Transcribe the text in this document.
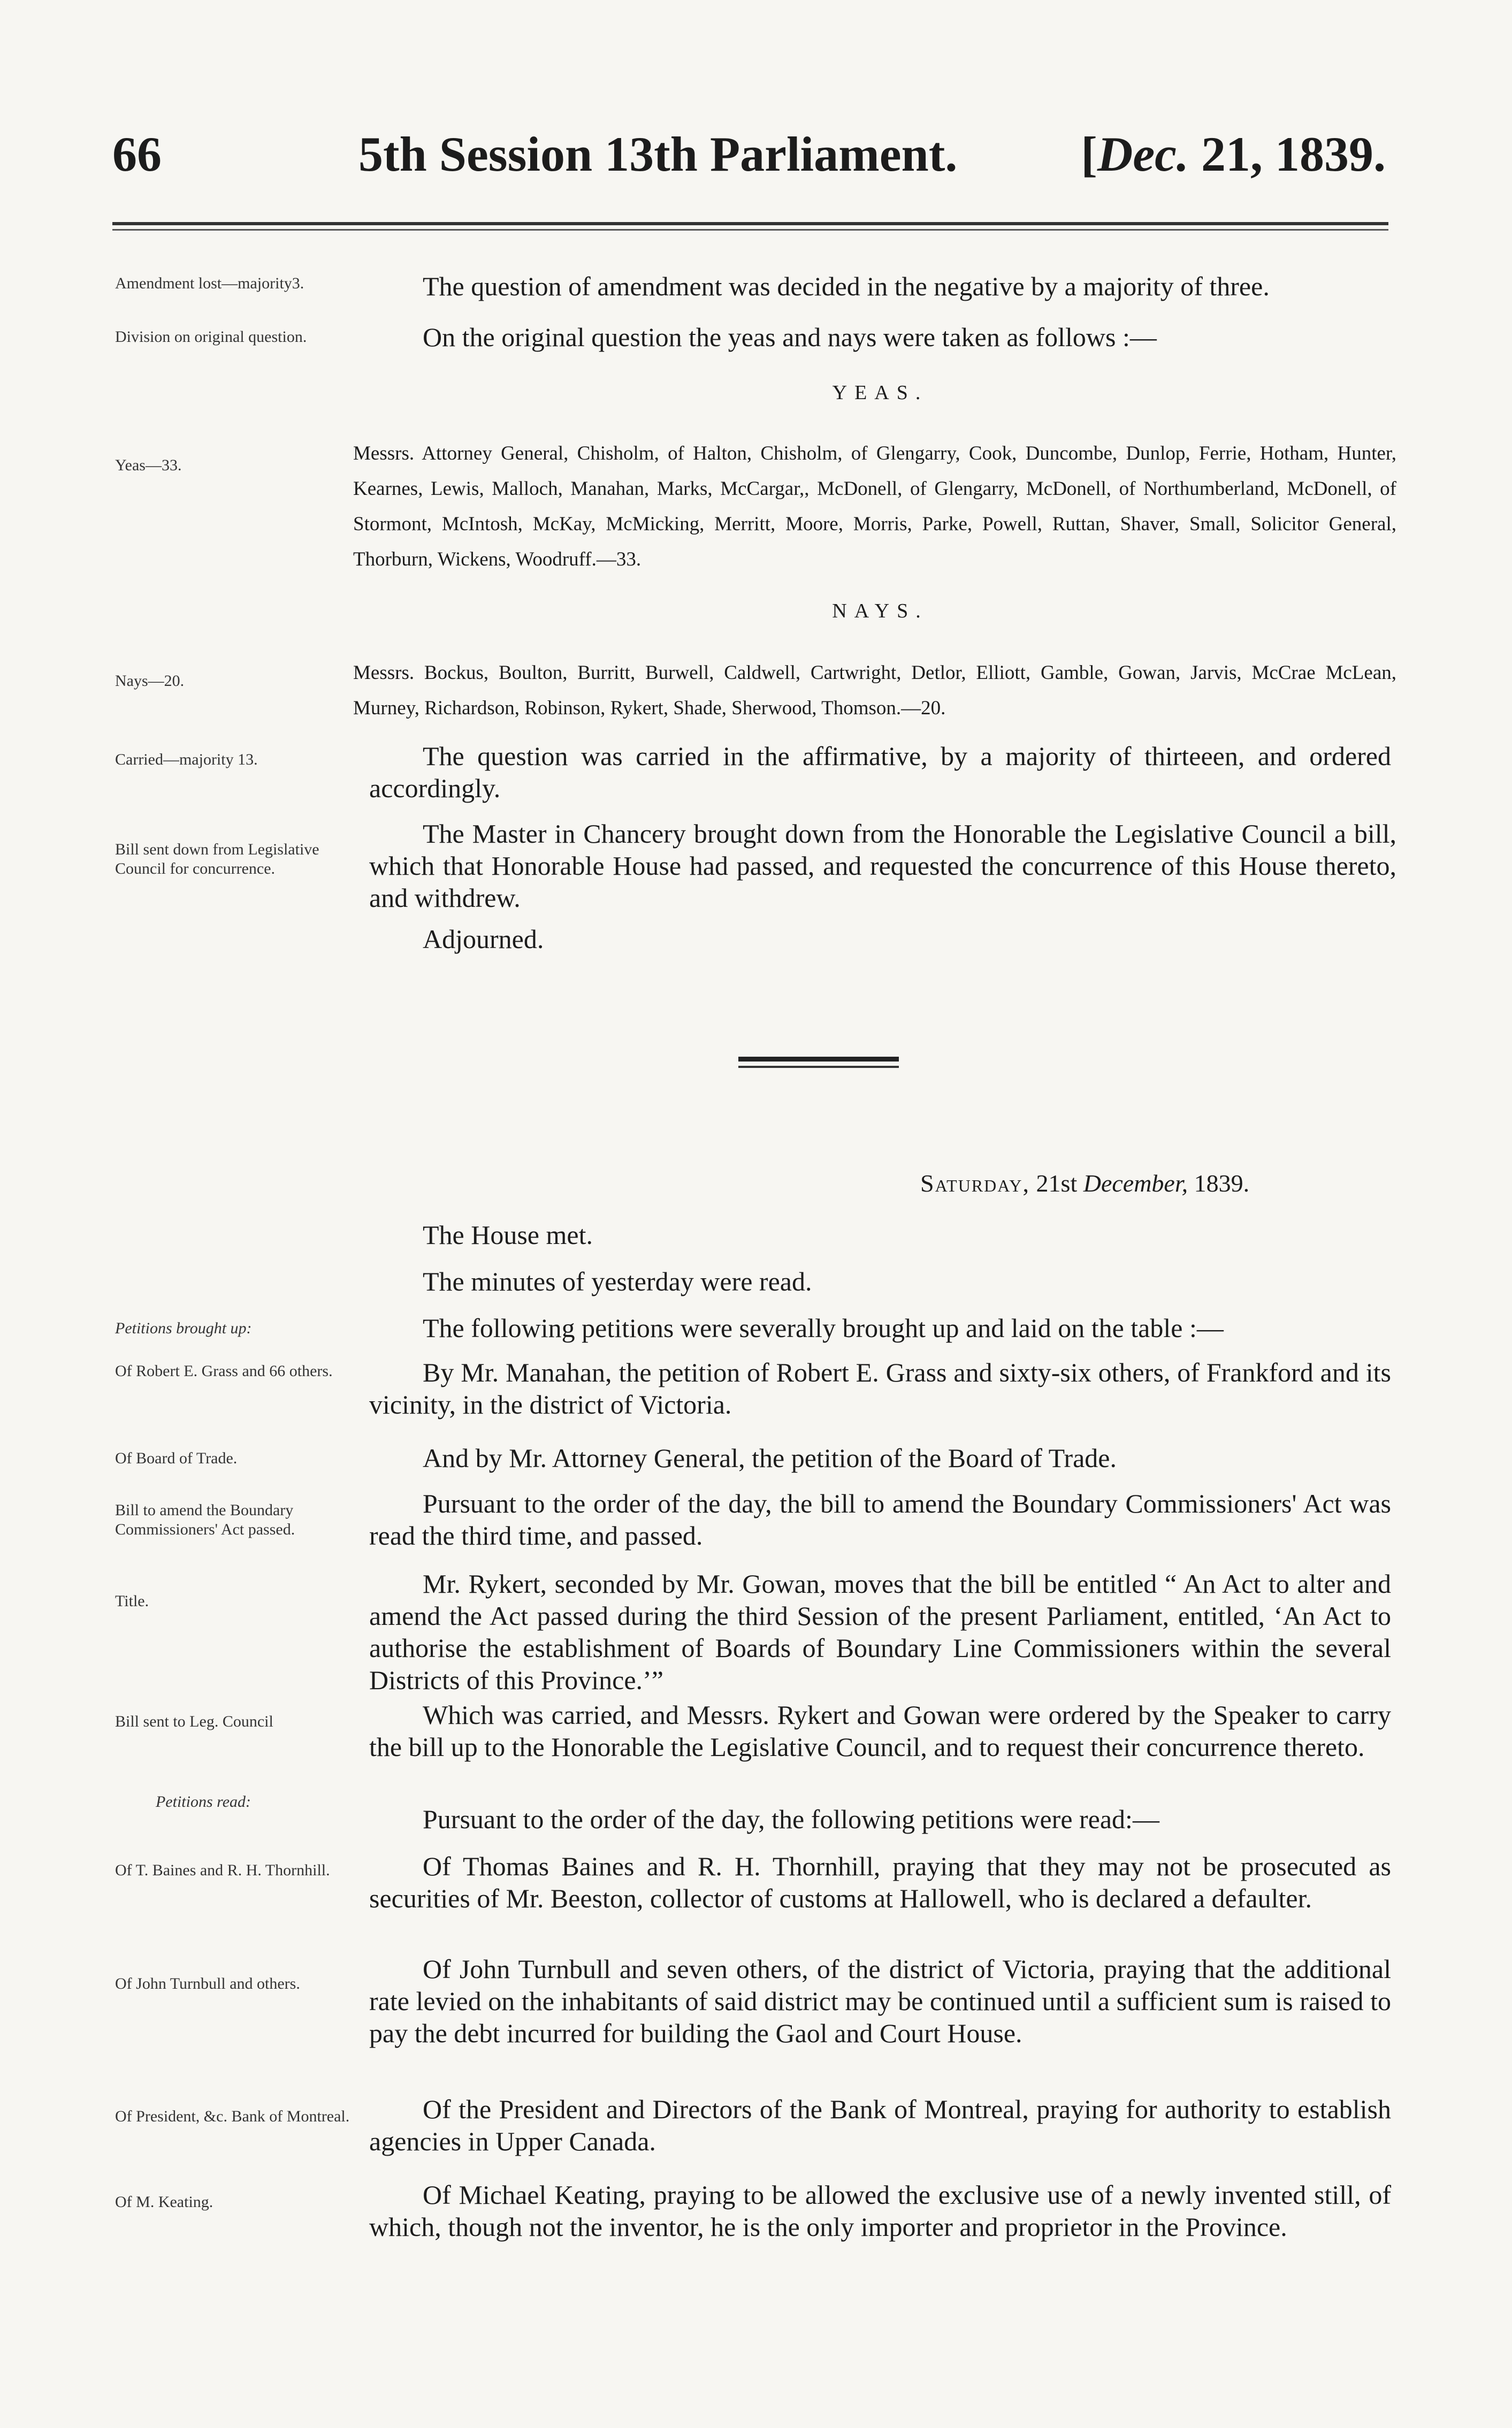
66	5th Session 13th Parliament.	[Dec. 21, 1839.
Amendment lost—majority3.
Division on original question.
Yeas—33.
Nays—20.
Carried—majority 13.
Bill sent down from Legislative Council for concurrence.
Petitions brought up:
Of Robert E. Grass and 66 others.
Of Board of Trade.
Bill to amend the Boundary Commissioners' Act passed.
Title.
Bill sent to Leg. Council
Petitions read:
Of T. Baines and R. H. Thornhill.
Of John Turnbull and others.
Of President, &c. Bank of Montreal.
Of M. Keating.
The question of amendment was decided in the negative by a majority of three.
On the original question the yeas and nays were taken as follows :—
YEAS.
Messrs. Attorney General, Chisholm, of Halton, Chisholm, of Glengarry, Cook, Duncombe, Dunlop, Ferrie, Hotham, Hunter, Kearnes, Lewis, Malloch, Manahan, Marks, McCargar,, McDonell, of Glengarry, McDonell, of Northumberland, McDonell, of Stormont, McIntosh, McKay, McMicking, Merritt, Moore, Morris, Parke, Powell, Ruttan, Shaver, Small, Solicitor General, Thorburn, Wickens, Woodruff.—33.
NAYS.
Messrs. Bockus, Boulton, Burritt, Burwell, Caldwell, Cartwright, Detlor, Elliott, Gamble, Gowan, Jarvis, McCrae McLean, Murney, Richardson, Robinson, Rykert, Shade, Sherwood, Thomson.—20.
The question was carried in the affirmative, by a majority of thirteeen, and ordered accordingly.
The Master in Chancery brought down from the Honorable the Legislative Council a bill, which that Honorable House had passed, and requested the concurrence of this House thereto, and withdrew.
Adjourned.
Saturday, 21st December, 1839.
The House met.
The minutes of yesterday were read.
The following petitions were severally brought up and laid on the table :—
By Mr. Manahan, the petition of Robert E. Grass and sixty-six others, of Frankford and its vicinity, in the district of Victoria.
And by Mr. Attorney General, the petition of the Board of Trade.
Pursuant to the order of the day, the bill to amend the Boundary Commissioners' Act was read the third time, and passed.
Mr. Rykert, seconded by Mr. Gowan, moves that the bill be entitled “ An Act to alter and amend the Act passed during the third Session of the present Parliament, entitled, ‘An Act to authorise the establishment of Boards of Boundary Line Commissioners within the several Districts of this Province.’”
Which was carried, and Messrs. Rykert and Gowan were ordered by the Speaker to carry the bill up to the Honorable the Legislative Council, and to request their concurrence thereto.
Pursuant to the order of the day, the following petitions were read:—
Of Thomas Baines and R. H. Thornhill, praying that they may not be prosecuted as securities of Mr. Beeston, collector of customs at Hallowell, who is declared a defaulter.
Of John Turnbull and seven others, of the district of Victoria, praying that the additional rate levied on the inhabitants of said district may be continued until a sufficient sum is raised to pay the debt incurred for building the Gaol and Court House.
Of the President and Directors of the Bank of Montreal, praying for authority to establish agencies in Upper Canada.
Of Michael Keating, praying to be allowed the exclusive use of a newly invented still, of which, though not the inventor, he is the only importer and proprietor in the Province.
